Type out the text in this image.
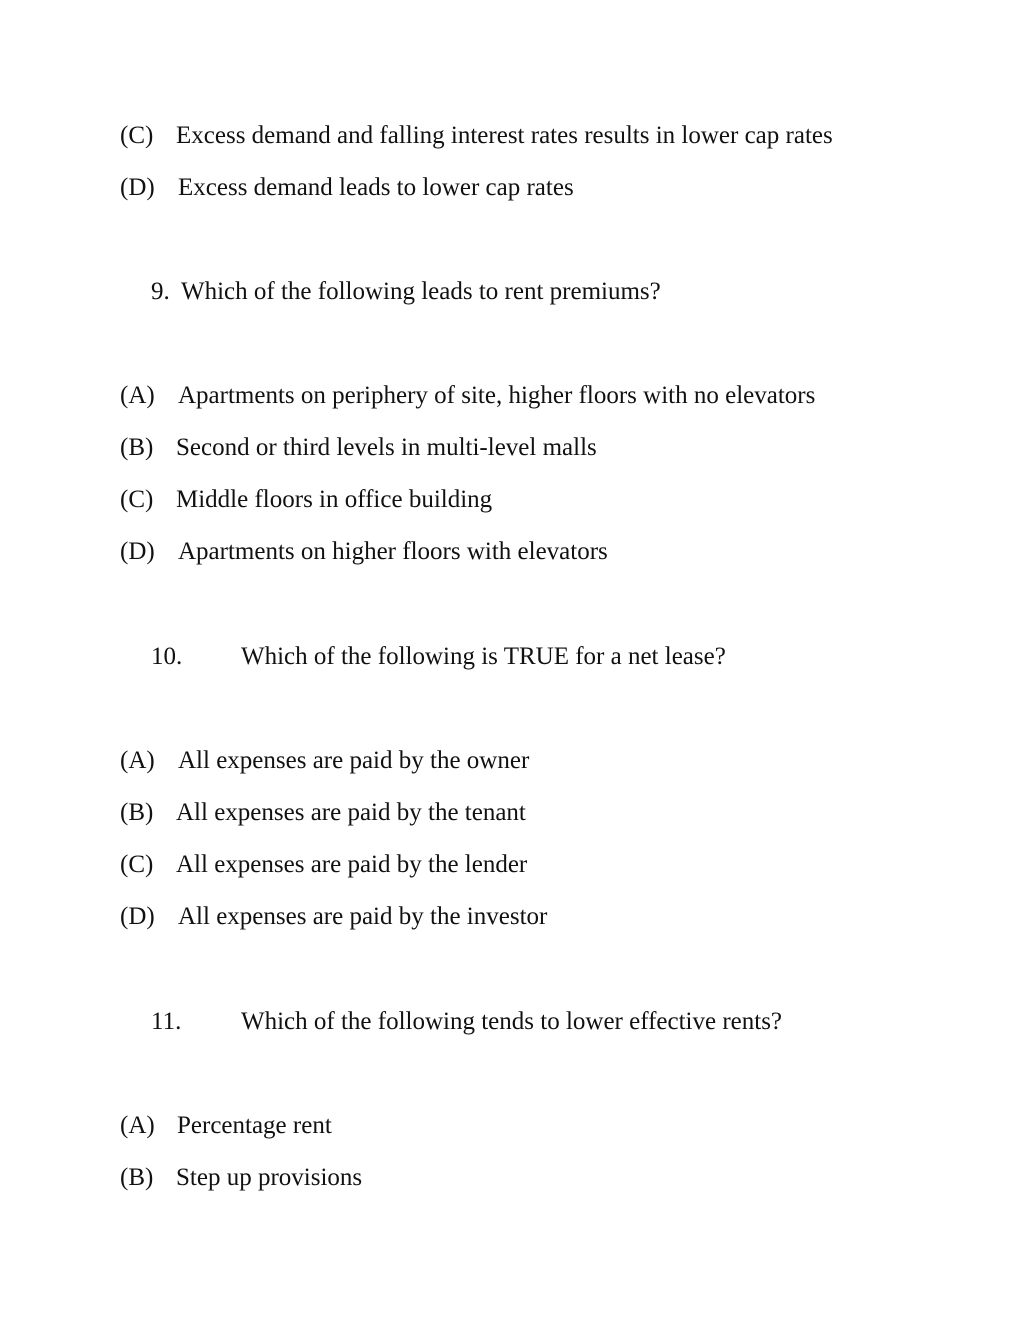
(C) Excess demand and falling interest rates results in lower cap rates
(D) Excess demand leads to lower cap rates
9. Which of the following leads to rent premiums?
(A) Apartments on periphery of site, higher floors with no elevators
(B) Second or third levels in multi-level malls
(C) Middle floors in office building
(D) Apartments on higher floors with elevators
10. Which of the following is TRUE for a net lease?
(A) All expenses are paid by the owner
(B) All expenses are paid by the tenant
(C) All expenses are paid by the lender
(D) All expenses are paid by the investor
11. Which of the following tends to lower effective rents?
(A) Percentage rent
(B) Step up provisions
